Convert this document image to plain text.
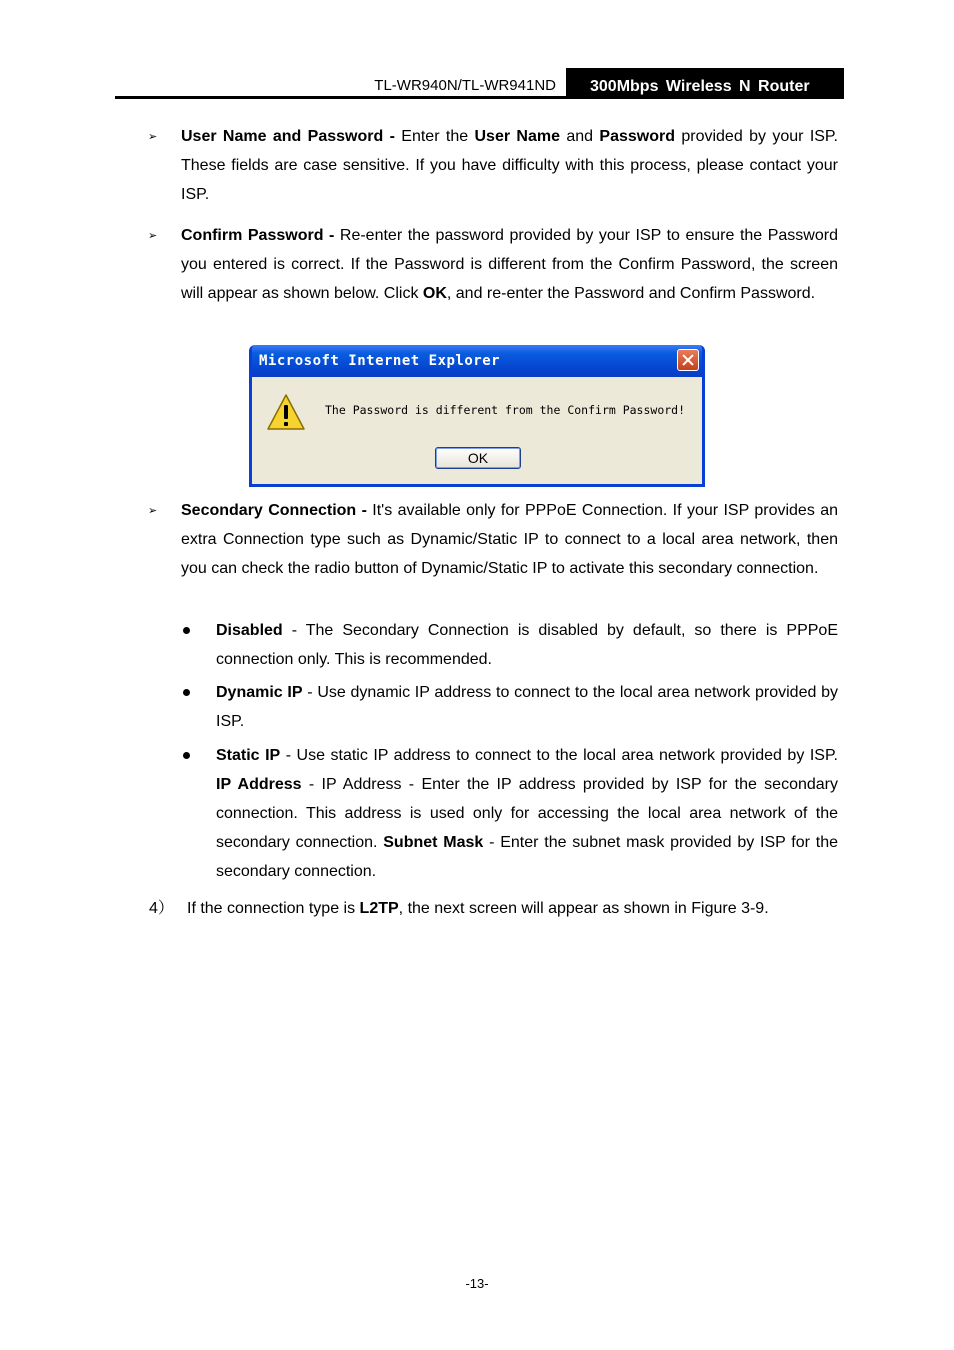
TL-WR940N/TL-WR941ND	300Mbps Wireless N Router
➢ User Name and Password - Enter the User Name and Password provided by your ISP. These fields are case sensitive. If you have difficulty with this process, please contact your ISP.
➢ Confirm Password - Re-enter the password provided by your ISP to ensure the Password you entered is correct. If the Password is different from the Confirm Password, the screen will appear as shown below. Click OK, and re-enter the Password and Confirm Password.
Microsoft Internet Explorer
The Password is different from the Confirm Password!
OK
➢ Secondary Connection - It's available only for PPPoE Connection. If your ISP provides an extra Connection type such as Dynamic/Static IP to connect to a local area network, then you can check the radio button of Dynamic/Static IP to activate this secondary connection.
Disabled - The Secondary Connection is disabled by default, so there is PPPoE connection only. This is recommended.
Dynamic IP - Use dynamic IP address to connect to the local area network provided by ISP.
Static IP - Use static IP address to connect to the local area network provided by ISP. IP Address - IP Address - Enter the IP address provided by ISP for the secondary connection. This address is used only for accessing the local area network of the secondary connection. Subnet Mask - Enter the subnet mask provided by ISP for the secondary connection.
4） If the connection type is L2TP, the next screen will appear as shown in Figure 3-9.
-13-
